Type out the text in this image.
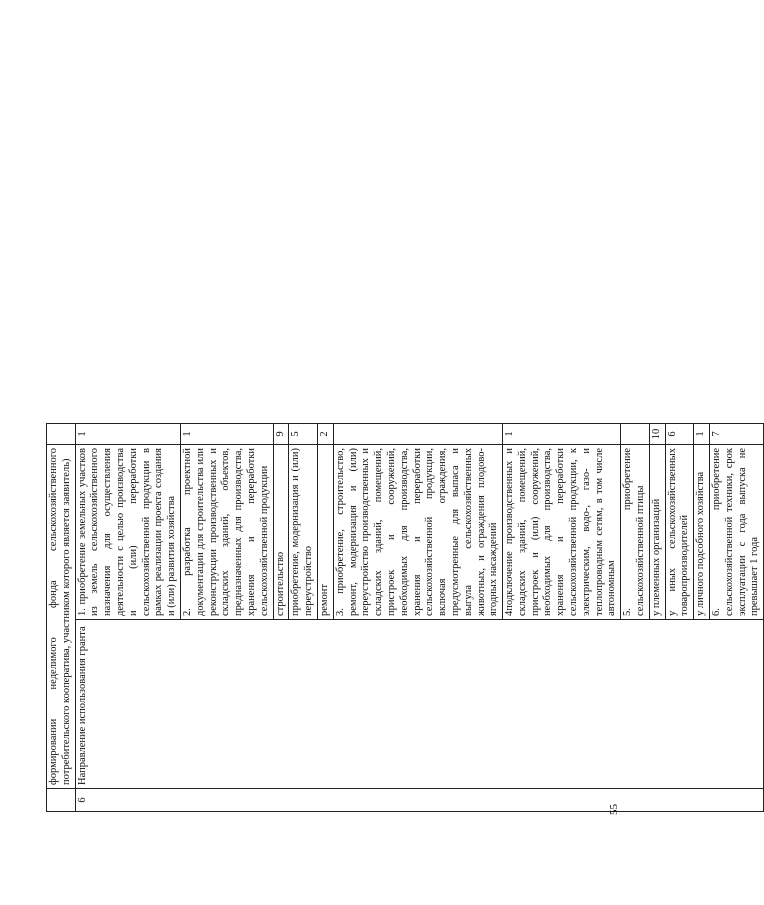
	формировании неделимого фонда сельскохозяйственного потребительского кооператива, участником которого является заявитель)		
6	Направление использования гранта	1. приобретение земельных участков из земель сельскохозяйственного назначения для осуществления деятельности с целью производства и (или) переработки сельскохозяйственной продукции в рамках реализации проекта создания и (или) развития хозяйства	1
		2. разработка проектной документации для строительства или реконструкции производственных и складских зданий, объектов, предназначенных для производства, хранения и переработки сельскохозяйственной продукции	1
		строительство	9
		приобретение, модернизация и (или) переустройство	5
		ремонт	2
		3. приобретение, строительство, ремонт, модернизация и (или) переустройство производственных и складских зданий, помещений, пристроек и сооружений, необходимых для производства, хранения и переработки сельскохозяйственной продукции, включая ограждения, предусмотренные для выпаса и выгула сельскохозяйственных животных, и ограждения плодово-ягодных насаждений	
		4подключение производственных и складских зданий, помещений, пристроек и (или) сооружений, необходимых для производства, хранения и переработки сельскохозяйственной продукции, к электрическим, водо-, газо- и теплопроводным сетям, в том числе автономным	1
		5. приобретение сельскохозяйственной птицы	
		у племенных организаций	10
		у иных сельскохозяйственных товаропроизводителей	6
		у личного подсобного хозяйства	1
		6. приобретение сельскохозяйственной техники, срок эксплуатации с года выпуска не превышает 1 года	7
55
